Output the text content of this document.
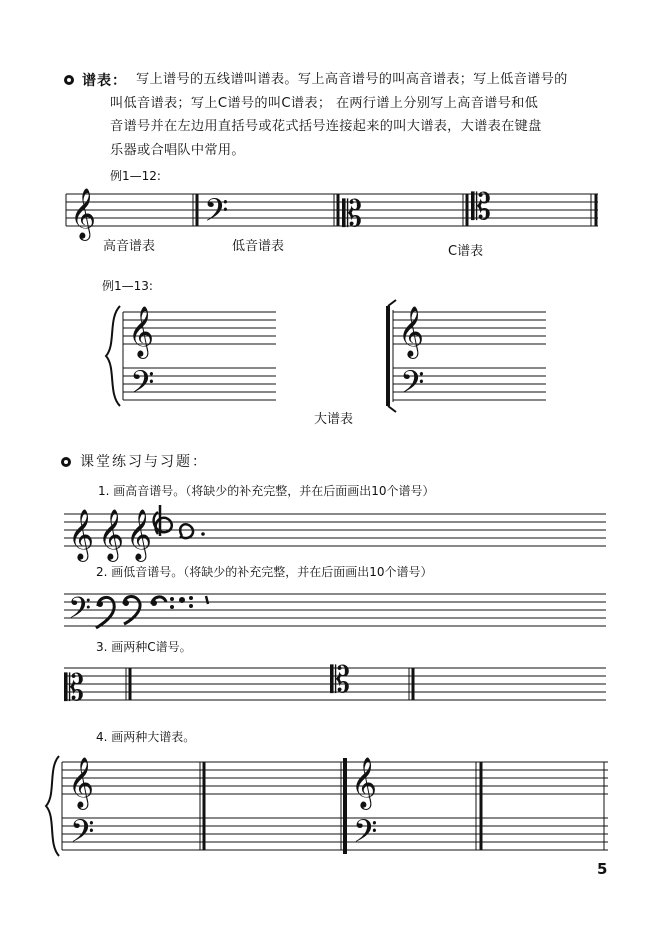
谱表： 写上谱号的五线谱叫谱表。写上高音谱号的叫高音谱表；写上低音谱号的
叫低音谱表；写上C谱号的叫C谱表； 在两行谱上分别写上高音谱号和低
音谱号并在左边用直括号或花式括号连接起来的叫大谱表，大谱表在键盘
乐器或合唱队中常用。
例1—12:
𝄞	𝄢	𝄡	𝄡
高音谱表	低音谱表	C谱表
例1—13:
𝄞
𝄢
𝄞
𝄢
大谱表
课堂练习与习题：
1. 画高音谱号。（将缺少的补充完整，并在后面画出10个谱号）
𝄞 𝄞 𝄞
2. 画低音谱号。（将缺少的补充完整，并在后面画出10个谱号）
𝄢
3. 画两种C谱号。
𝄡	𝄡
4. 画两种大谱表。
𝄞
𝄢
𝄞
𝄢
5
